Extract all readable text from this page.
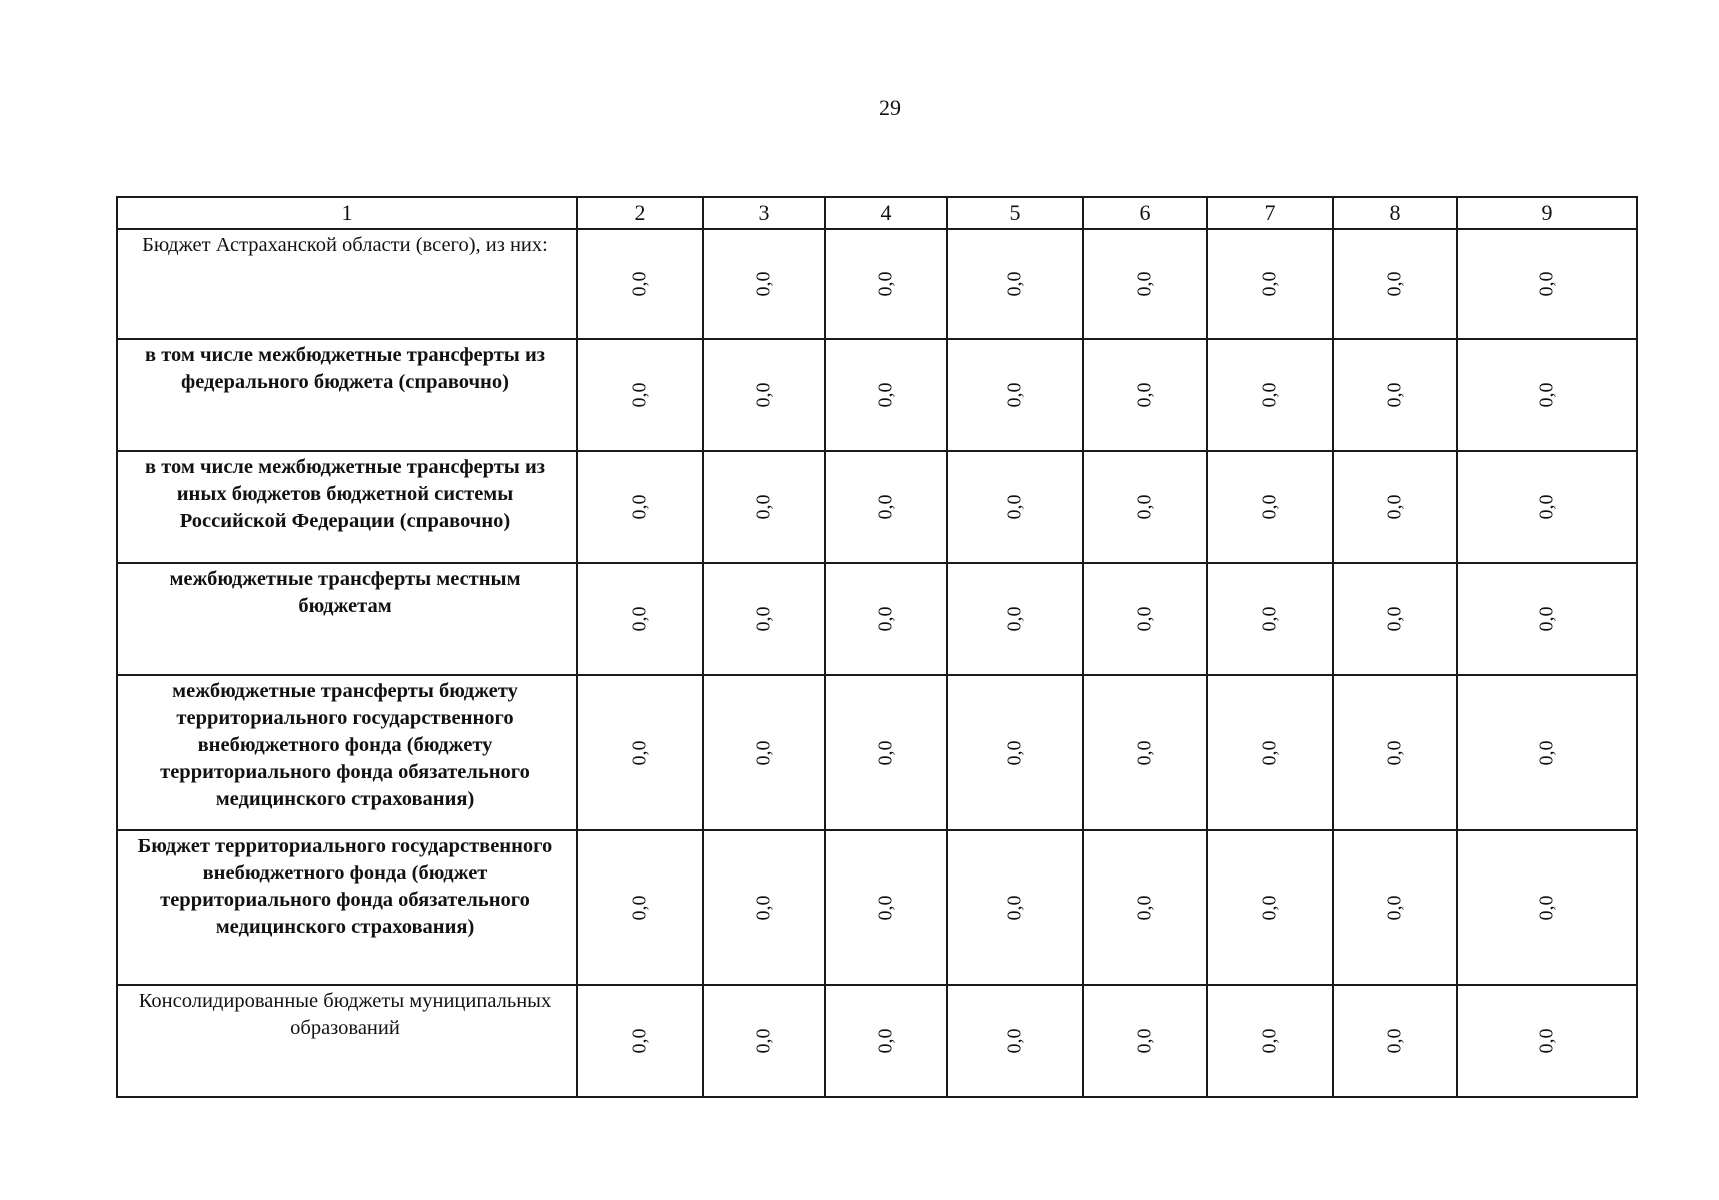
29
1	2	3	4	5	6	7	8	9
Бюджет Астраханской области (всего), из них:	0,0	0,0	0,0	0,0	0,0	0,0	0,0	0,0

в том числе межбюджетные трансферты из федерального бюджета (справочно)	0,0	0,0	0,0	0,0	0,0	0,0	0,0	0,0

в том числе межбюджетные трансферты из иных бюджетов бюджетной системы Российской Федерации (справочно)	0,0	0,0	0,0	0,0	0,0	0,0	0,0	0,0

межбюджетные трансферты местным бюджетам	0,0	0,0	0,0	0,0	0,0	0,0	0,0	0,0

межбюджетные трансферты бюджету территориального государственного внебюджетного фонда (бюджету территориального фонда обязательного медицинского страхования)	0,0	0,0	0,0	0,0	0,0	0,0	0,0	0,0

Бюджет территориального государственного внебюджетного фонда (бюджет территориального фонда обязательного медицинского страхования)	0,0	0,0	0,0	0,0	0,0	0,0	0,0	0,0

Консолидированные бюджеты муниципальных образований	0,0	0,0	0,0	0,0	0,0	0,0	0,0	0,0
